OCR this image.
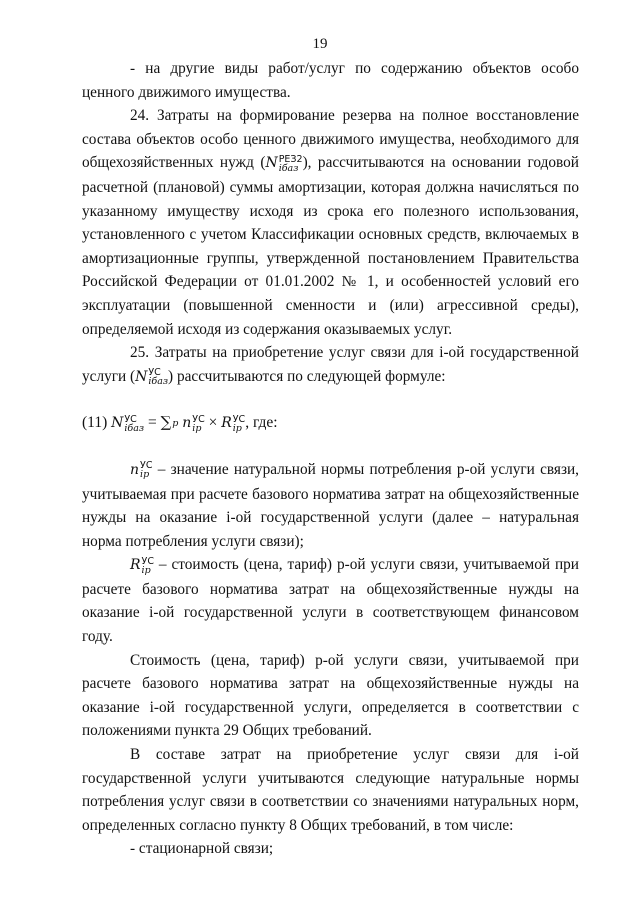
19

- на другие виды работ/услуг по содержанию объектов особо ценного движимого имущества.

24. Затраты на формирование резерва на полное восстановление состава объектов особо ценного движимого имущества, необходимого для общехозяйственных нужд (N РЕЗ2
iбаз ), рассчитываются на основании годовой расчетной (плановой) суммы амортизации, которая должна начисляться по указанному имуществу исходя из срока его полезного использования, установленного с учетом Классификации основных средств, включаемых в амортизационные группы, утвержденной постановлением Правительства Российской Федерации от 01.01.2002 № 1, и особенностей условий его эксплуатации (повышенной сменности и (или) агрессивной среды), определяемой исходя из содержания оказываемых услуг.

25. Затраты на приобретение услуг связи для i-ой государственной услуги (N УС
iбаз ) рассчитываются по следующей формуле:

(11) N УС
iбаз = ∑ p n УС
ip × R УС
ip , где:

n УС
ip – значение натуральной нормы потребления p-ой услуги связи, учитываемая при расчете базового норматива затрат на общехозяйственные нужды на оказание i-ой государственной услуги (далее – натуральная норма потребления услуги связи);

R УС
ip – стоимость (цена, тариф) p-ой услуги связи, учитываемой при расчете базового норматива затрат на общехозяйственные нужды на оказание i-ой государственной услуги в соответствующем финансовом году.

Стоимость (цена, тариф) p-ой услуги связи, учитываемой при расчете базового норматива затрат на общехозяйственные нужды на оказание i-ой государственной услуги, определяется в соответствии с положениями пункта 29 Общих требований.

В составе затрат на приобретение услуг связи для i-ой государственной услуги учитываются следующие натуральные нормы потребления услуг связи в соответствии со значениями натуральных норм, определенных согласно пункту 8 Общих требований, в том числе:

- стационарной связи;
